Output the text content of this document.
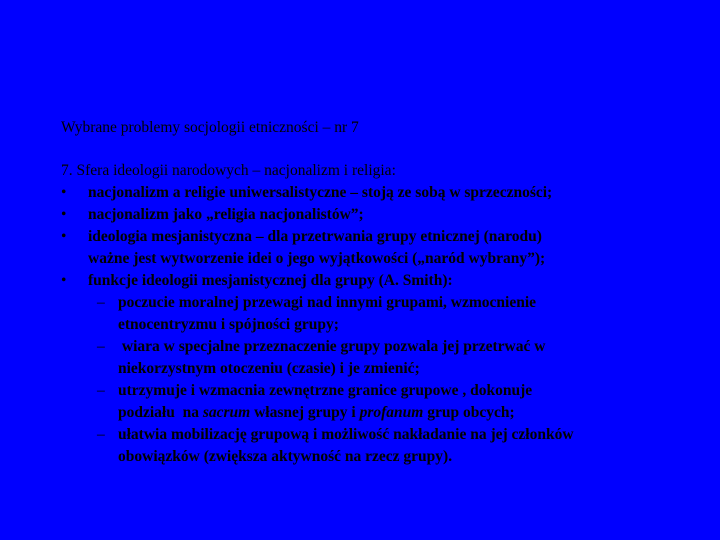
Wybrane problemy socjologii etniczności – nr 7
7. Sfera ideologii narodowych – nacjonalizm i religia:
• nacjonalizm a religie uniwersalistyczne – stoją ze sobą w sprzeczności;
• nacjonalizm jako „religia nacjonalistów”;
• ideologia mesjanistyczna – dla przetrwania grupy etnicznej (narodu)
ważne jest wytworzenie idei o jego wyjątkowości („naród wybrany”);
• funkcje ideologii mesjanistycznej dla grupy (A. Smith):
– poczucie moralnej przewagi nad innymi grupami, wzmocnienie
etnocentryzmu i spójności grupy;
– wiara w specjalne przeznaczenie grupy pozwala jej przetrwać w
niekorzystnym otoczeniu (czasie) i je zmienić;
– utrzymuje i wzmacnia zewnętrzne granice grupowe , dokonuje
podziału  na sacrum własnej grupy i profanum grup obcych;
– ułatwia mobilizację grupową i możliwość nakładanie na jej członków
obowiązków (zwiększa aktywność na rzecz grupy).
